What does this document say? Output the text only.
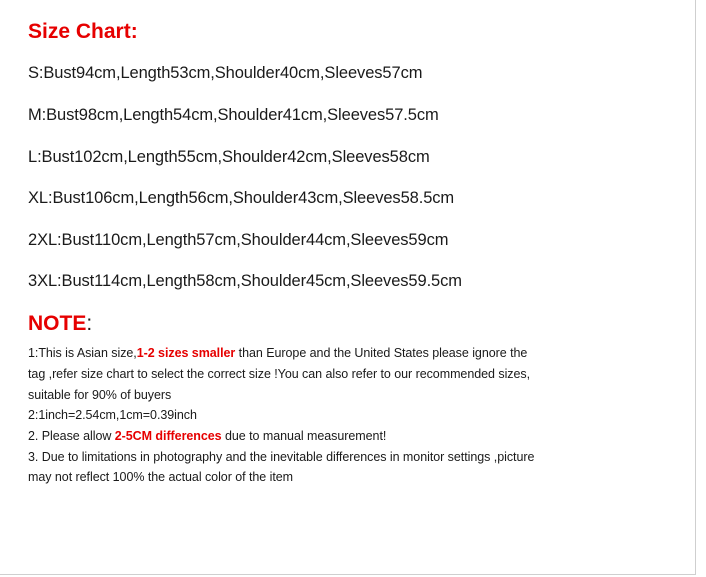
Size Chart:
S:Bust94cm,Length53cm,Shoulder40cm,Sleeves57cm
M:Bust98cm,Length54cm,Shoulder41cm,Sleeves57.5cm
L:Bust102cm,Length55cm,Shoulder42cm,Sleeves58cm
XL:Bust106cm,Length56cm,Shoulder43cm,Sleeves58.5cm
2XL:Bust110cm,Length57cm,Shoulder44cm,Sleeves59cm
3XL:Bust114cm,Length58cm,Shoulder45cm,Sleeves59.5cm
NOTE:
1:This is Asian size,1-2 sizes smaller than Europe and the United States please ignore the
tag ,refer size chart to select the correct size !You can also refer to our recommended sizes,
suitable for 90% of buyers
2:1inch=2.54cm,1cm=0.39inch
2. Please allow 2-5CM differences due to manual measurement!
3. Due to limitations in photography and the inevitable differences in monitor settings ,picture
may not reflect 100% the actual color of the item
